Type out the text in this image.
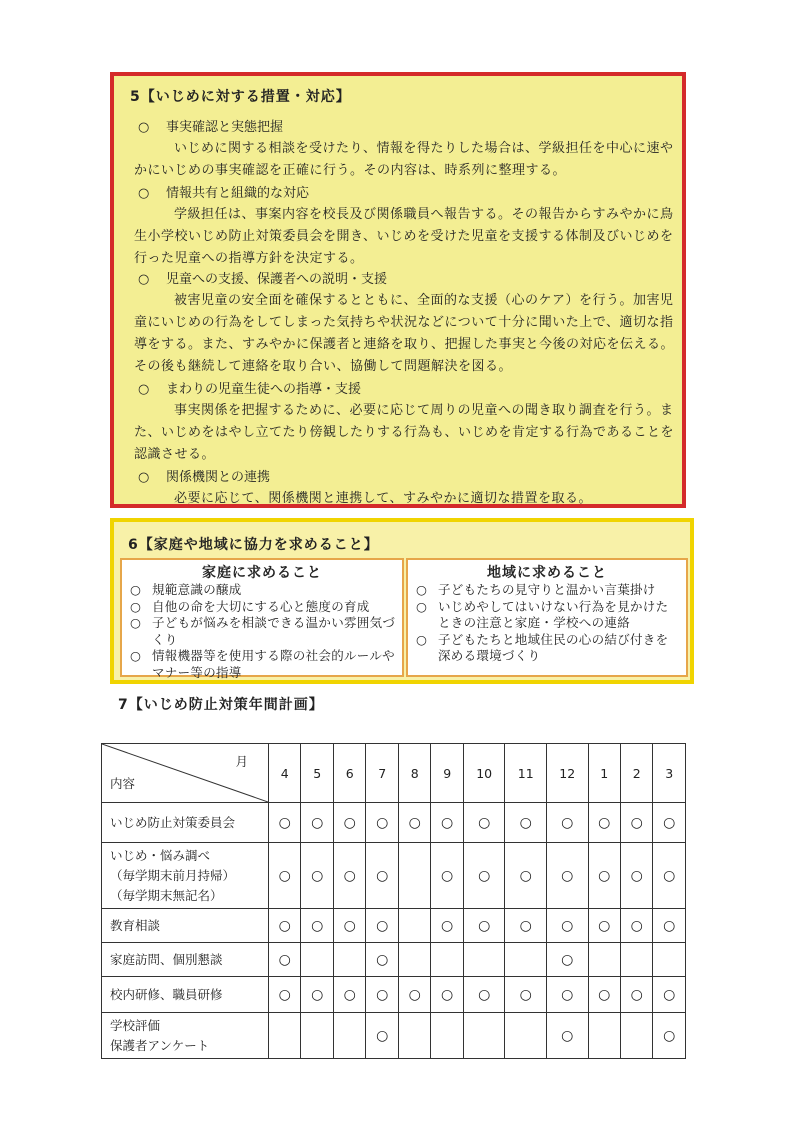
5【いじめに対する措置・対応】
○ 事実確認と実態把握
いじめに関する相談を受けたり、情報を得たりした場合は、学級担任を中心に速やかにいじめの事実確認を正確に行う。その内容は、時系列に整理する。
○ 情報共有と組織的な対応
学級担任は、事案内容を校長及び関係職員へ報告する。その報告からすみやかに鳥生小学校いじめ防止対策委員会を開き、いじめを受けた児童を支援する体制及びいじめを行った児童への指導方針を決定する。
○ 児童への支援、保護者への説明・支援
被害児童の安全面を確保するとともに、全面的な支援（心のケア）を行う。加害児童にいじめの行為をしてしまった気持ちや状況などについて十分に聞いた上で、適切な指導をする。また、すみやかに保護者と連絡を取り、把握した事実と今後の対応を伝える。その後も継続して連絡を取り合い、協働して問題解決を図る。
○ まわりの児童生徒への指導・支援
事実関係を把握するために、必要に応じて周りの児童への聞き取り調査を行う。また、いじめをはやし立てたり傍観したりする行為も、いじめを肯定する行為であることを認識させる。
○ 関係機関との連携
必要に応じて、関係機関と連携して、すみやかに適切な措置を取る。
6【家庭や地域に協力を求めること】
家庭に求めること
○ 規範意識の醸成
○ 自他の命を大切にする心と態度の育成
○ 子どもが悩みを相談できる温かい雰囲気づくり
○ 情報機器等を使用する際の社会的ルールやマナー等の指導
地域に求めること
○ 子どもたちの見守りと温かい言葉掛け
○ いじめやしてはいけない行為を見かけたときの注意と家庭・学校への連絡
○ 子どもたちと地域住民の心の結び付きを深める環境づくり
7【いじめ防止対策年間計画】
月
内容	4	5	6	7	8	9	10	11	12	1	2	3
いじめ防止対策委員会	○	○	○	○	○	○	○	○	○	○	○	○
いじめ・悩み調べ
（毎学期末前月持帰）
（毎学期末無記名）	○	○	○	○		○	○	○	○	○	○	○
教育相談	○	○	○	○		○	○	○	○	○	○	○
家庭訪問、個別懇談	○			○					○			
校内研修、職員研修	○	○	○	○	○	○	○	○	○	○	○	○
学校評価
保護者アンケート				○					○			○
